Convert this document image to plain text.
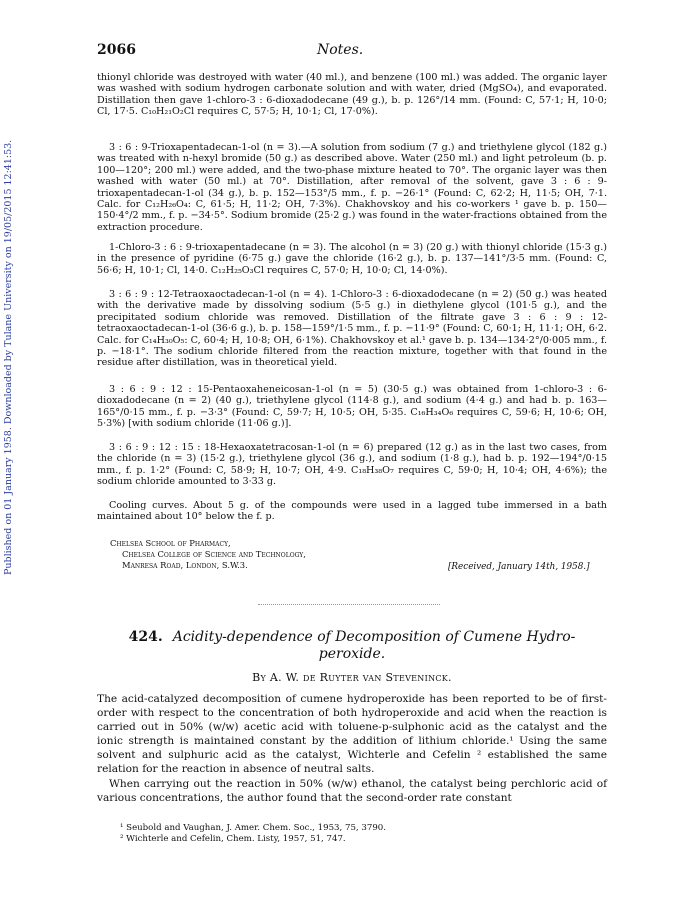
Published on 01 January 1958. Downloaded by Tulane University on 19/05/2015 12:41:53.
2066	Notes.

thionyl chloride was destroyed with water (40 ml.), and benzene (100 ml.) was added. The organic layer was washed with sodium hydrogen carbonate solution and with water, dried (MgSO₄), and evaporated. Distillation then gave 1-chloro-3 : 6-dioxadodecane (49 g.), b. p. 126°/14 mm. (Found: C, 57·1; H, 10·0; Cl, 17·5. C₁₀H₂₁O₂Cl requires C, 57·5; H, 10·1; Cl, 17·0%).

3 : 6 : 9-Trioxapentadecan-1-ol (n = 3).—A solution from sodium (7 g.) and triethylene glycol (182 g.) was treated with n-hexyl bromide (50 g.) as described above. Water (250 ml.) and light petroleum (b. p. 100—120°; 200 ml.) were added, and the two-phase mixture heated to 70°. The organic layer was then washed with water (50 ml.) at 70°. Distillation, after removal of the solvent, gave 3 : 6 : 9-trioxapentadecan-1-ol (34 g.), b. p. 152—153°/5 mm., f. p. −26·1° (Found: C, 62·2; H, 11·5; OH, 7·1. Calc. for C₁₂H₂₆O₄: C, 61·5; H, 11·2; OH, 7·3%). Chakhovskoy and his co-workers ¹ gave b. p. 150—150·4°/2 mm., f. p. −34·5°. Sodium bromide (25·2 g.) was found in the water-fractions obtained from the extraction procedure.

1-Chloro-3 : 6 : 9-trioxapentadecane (n = 3). The alcohol (n = 3) (20 g.) with thionyl chloride (15·3 g.) in the presence of pyridine (6·75 g.) gave the chloride (16·2 g.), b. p. 137—141°/3·5 mm. (Found: C, 56·6; H, 10·1; Cl, 14·0. C₁₂H₂₅O₃Cl requires C, 57·0; H, 10·0; Cl, 14·0%).

3 : 6 : 9 : 12-Tetraoxaoctadecan-1-ol (n = 4). 1-Chloro-3 : 6-dioxadodecane (n = 2) (50 g.) was heated with the derivative made by dissolving sodium (5·5 g.) in diethylene glycol (101·5 g.), and the precipitated sodium chloride was removed. Distillation of the filtrate gave 3 : 6 : 9 : 12-tetraoxaoctadecan-1-ol (36·6 g.), b. p. 158—159°/1·5 mm., f. p. −11·9° (Found: C, 60·1; H, 11·1; OH, 6·2. Calc. for C₁₄H₃₀O₅: C, 60·4; H, 10·8; OH, 6·1%). Chakhovskoy et al.¹ gave b. p. 134—134·2°/0·005 mm., f. p. −18·1°. The sodium chloride filtered from the reaction mixture, together with that found in the residue after distillation, was in theoretical yield.

3 : 6 : 9 : 12 : 15-Pentaoxaheneicosan-1-ol (n = 5) (30·5 g.) was obtained from 1-chloro-3 : 6-dioxadodecane (n = 2) (40 g.), triethylene glycol (114·8 g.), and sodium (4·4 g.) and had b. p. 163—165°/0·15 mm., f. p. −3·3° (Found: C, 59·7; H, 10·5; OH, 5·35. C₁₆H₃₄O₆ requires C, 59·6; H, 10·6; OH, 5·3%) [with sodium chloride (11·06 g.)].

3 : 6 : 9 : 12 : 15 : 18-Hexaoxatetracosan-1-ol (n = 6) prepared (12 g.) as in the last two cases, from the chloride (n = 3) (15·2 g.), triethylene glycol (36 g.), and sodium (1·8 g.), had b. p. 192—194°/0·15 mm., f. p. 1·2° (Found: C, 58·9; H, 10·7; OH, 4·9. C₁₈H₃₈O₇ requires C, 59·0; H, 10·4; OH, 4·6%); the sodium chloride amounted to 3·33 g.

Cooling curves. About 5 g. of the compounds were used in a lagged tube immersed in a bath maintained about 10° below the f. p.

Chelsea School of Pharmacy,
Chelsea College of Science and Technology,
Manresa Road, London, S.W.3.	[Received, January 14th, 1958.]
424. Acidity-dependence of Decomposition of Cumene Hydro-
peroxide.
By A. W. de Ruyter van Steveninck.

The acid-catalyzed decomposition of cumene hydroperoxide has been reported to be of first-order with respect to the concentration of both hydroperoxide and acid when the reaction is carried out in 50% (w/w) acetic acid with toluene-p-sulphonic acid as the catalyst and the ionic strength is maintained constant by the addition of lithium chloride.¹ Using the same solvent and sulphuric acid as the catalyst, Wichterle and Cefelin ² established the same relation for the reaction in absence of neutral salts.

When carrying out the reaction in 50% (w/w) ethanol, the catalyst being perchloric acid of various concentrations, the author found that the second-order rate constant

¹ Seubold and Vaughan, J. Amer. Chem. Soc., 1953, 75, 3790.
² Wichterle and Cefelin, Chem. Listy, 1957, 51, 747.
